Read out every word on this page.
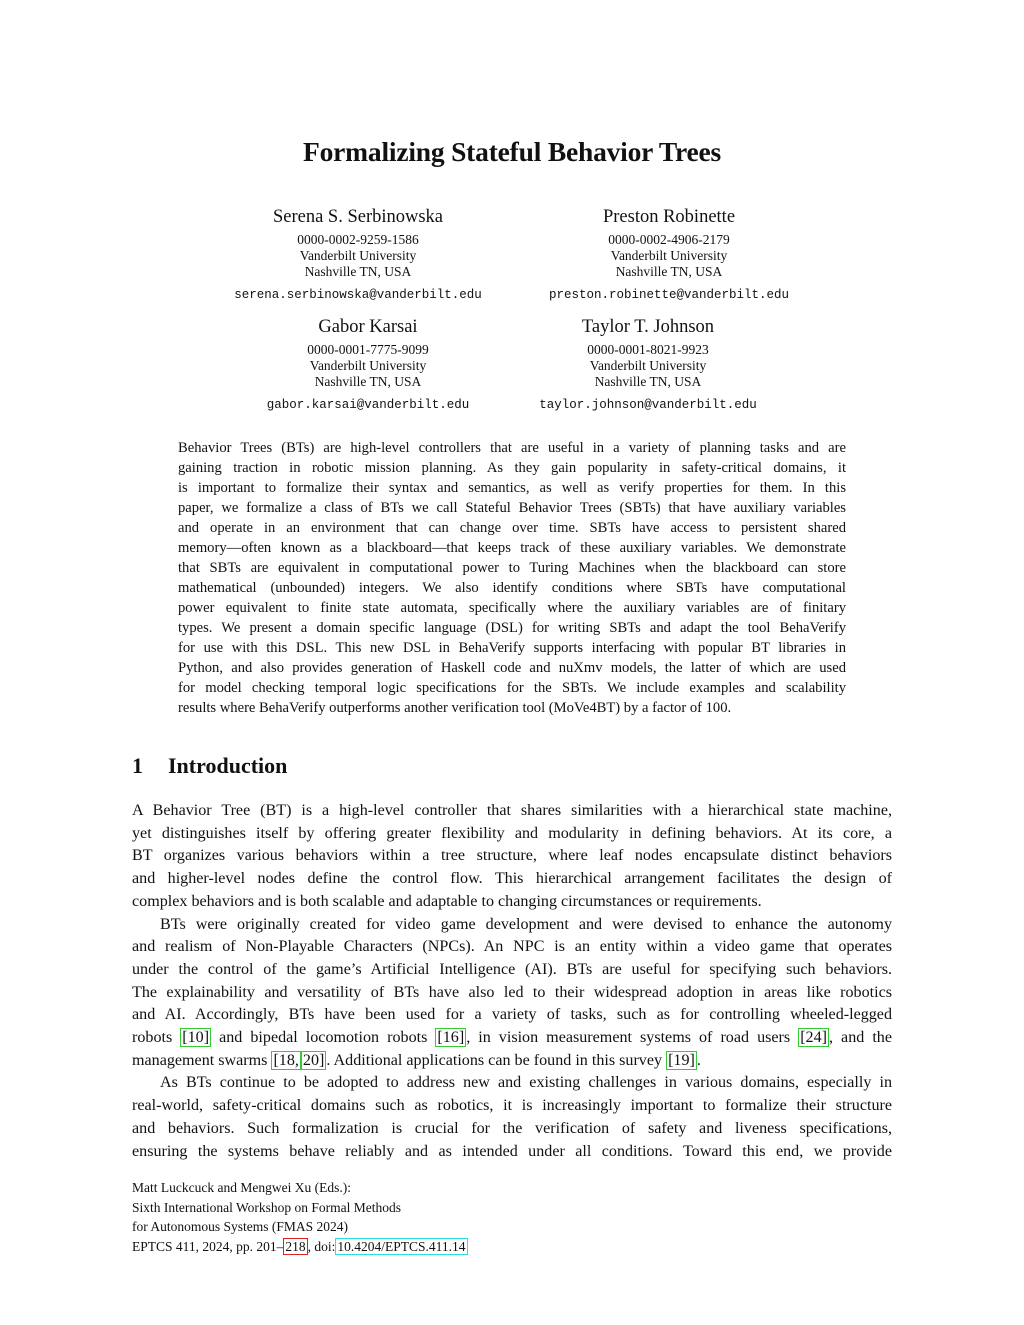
Formalizing Stateful Behavior Trees
Serena S. Serbinowska
0000-0002-9259-1586
Vanderbilt University
Nashville TN, USA
serena.serbinowska@vanderbilt.edu
Preston Robinette
0000-0002-4906-2179
Vanderbilt University
Nashville TN, USA
preston.robinette@vanderbilt.edu
Gabor Karsai
0000-0001-7775-9099
Vanderbilt University
Nashville TN, USA
gabor.karsai@vanderbilt.edu
Taylor T. Johnson
0000-0001-8021-9923
Vanderbilt University
Nashville TN, USA
taylor.johnson@vanderbilt.edu
Behavior Trees (BTs) are high-level controllers that are useful in a variety of planning tasks and are
gaining traction in robotic mission planning. As they gain popularity in safety-critical domains, it
is important to formalize their syntax and semantics, as well as verify properties for them. In this
paper, we formalize a class of BTs we call Stateful Behavior Trees (SBTs) that have auxiliary variables
and operate in an environment that can change over time. SBTs have access to persistent shared
memory—often known as a blackboard—that keeps track of these auxiliary variables. We demonstrate
that SBTs are equivalent in computational power to Turing Machines when the blackboard can store
mathematical (unbounded) integers. We also identify conditions where SBTs have computational
power equivalent to finite state automata, specifically where the auxiliary variables are of finitary
types. We present a domain specific language (DSL) for writing SBTs and adapt the tool BehaVerify
for use with this DSL. This new DSL in BehaVerify supports interfacing with popular BT libraries in
Python, and also provides generation of Haskell code and nuXmv models, the latter of which are used
for model checking temporal logic specifications for the SBTs. We include examples and scalability
results where BehaVerify outperforms another verification tool (MoVe4BT) by a factor of 100.
1 Introduction
A Behavior Tree (BT) is a high-level controller that shares similarities with a hierarchical state machine,
yet distinguishes itself by offering greater flexibility and modularity in defining behaviors. At its core, a
BT organizes various behaviors within a tree structure, where leaf nodes encapsulate distinct behaviors
and higher-level nodes define the control flow. This hierarchical arrangement facilitates the design of
complex behaviors and is both scalable and adaptable to changing circumstances or requirements.
BTs were originally created for video game development and were devised to enhance the autonomy
and realism of Non-Playable Characters (NPCs). An NPC is an entity within a video game that operates
under the control of the game’s Artificial Intelligence (AI). BTs are useful for specifying such behaviors.
The explainability and versatility of BTs have also led to their widespread adoption in areas like robotics
and AI. Accordingly, BTs have been used for a variety of tasks, such as for controlling wheeled-legged
robots [10] and bipedal locomotion robots [16] , in vision measurement systems of road users [24] , and the
management swarms [18, 20] . Additional applications can be found in this survey [19] .
As BTs continue to be adopted to address new and existing challenges in various domains, especially in
real-world, safety-critical domains such as robotics, it is increasingly important to formalize their structure
and behaviors. Such formalization is crucial for the verification of safety and liveness specifications,
ensuring the systems behave reliably and as intended under all conditions. Toward this end, we provide
Matt Luckcuck and Mengwei Xu (Eds.):
Sixth International Workshop on Formal Methods
for Autonomous Systems (FMAS 2024)
EPTCS 411, 2024, pp. 201– 218 , doi: 10.4204/EPTCS.411.14
